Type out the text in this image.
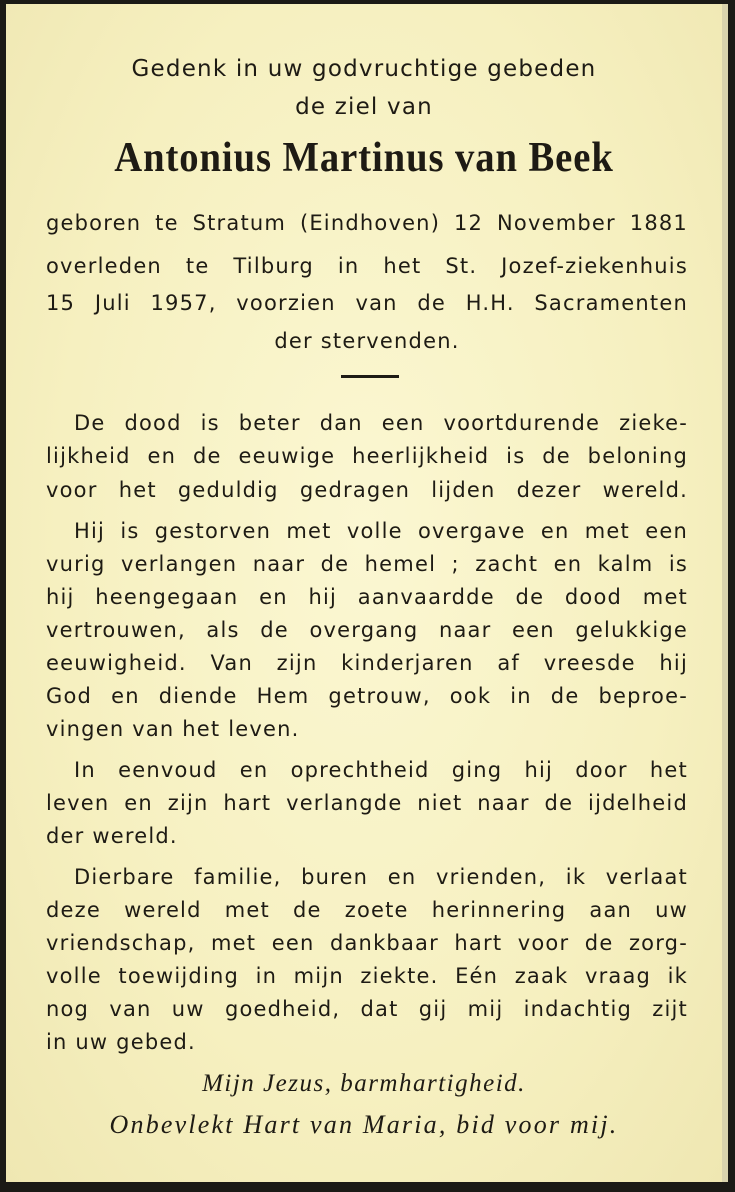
Gedenk in uw godvruchtige gebeden
de ziel van
Antonius Martinus van Beek
geboren te Stratum (Eindhoven) 12 November 1881
overleden te Tilburg in het St. Jozef-ziekenhuis
15 Juli 1957, voorzien van de H.H. Sacramenten
der stervenden.
De dood is beter dan een voortdurende zieke-
lijkheid en de eeuwige heerlijkheid is de beloning
voor het geduldig gedragen lijden dezer wereld.
Hij is gestorven met volle overgave en met een
vurig verlangen naar de hemel ; zacht en kalm is
hij heengegaan en hij aanvaardde de dood met
vertrouwen, als de overgang naar een gelukkige
eeuwigheid. Van zijn kinderjaren af vreesde hij
God en diende Hem getrouw, ook in de beproe-
vingen van het leven.
In eenvoud en oprechtheid ging hij door het
leven en zijn hart verlangde niet naar de ijdelheid
der wereld.
Dierbare familie, buren en vrienden, ik verlaat
deze wereld met de zoete herinnering aan uw
vriendschap, met een dankbaar hart voor de zorg-
volle toewijding in mijn ziekte. Eén zaak vraag ik
nog van uw goedheid, dat gij mij indachtig zijt
in uw gebed.
Mijn Jezus, barmhartigheid.
Onbevlekt Hart van Maria, bid voor mij.
